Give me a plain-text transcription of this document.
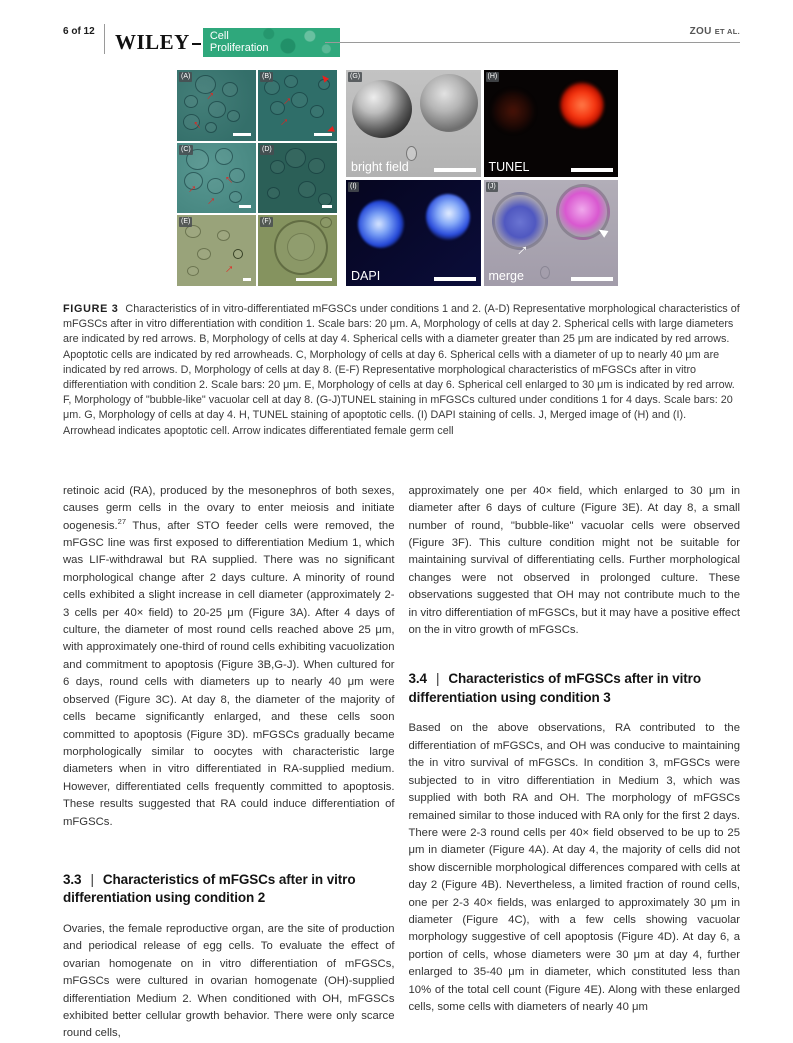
6 of 12 WILEY Cell
Proliferation
ZOU ET AL.
(A)
→
→	(B)
→
→
(C)
→
→
→	(D)
(E)
→	(F)
(G)
bright field
(H)
TUNEL
(I)
DAPI
(J)
→
merge

FIGURE 3 Characteristics of in vitro-differentiated mFGSCs under conditions 1 and 2. (A-D) Representative morphological characteristics of mFGSCs after in vitro differentiation with condition 1. Scale bars: 20 μm. A, Morphology of cells at day 2. Spherical cells with large diameters are indicated by red arrows. B, Morphology of cells at day 4. Spherical cells with a diameter greater than 25 μm are indicated by red arrows. Apoptotic cells are indicated by red arrowheads. C, Morphology of cells at day 6. Spherical cells with a diameter of up to nearly 40 μm are indicated by red arrows. D, Morphology of cells at day 8. (E-F) Representative morphological characteristics of mFGSCs after in vitro differentiation with condition 2. Scale bars: 20 μm. E, Morphology of cells at day 6. Spherical cell enlarged to 30 μm is indicated by red arrow. F, Morphology of "bubble-like" vacuolar cell at day 8. (G-J)TUNEL staining in mFGSCs cultured under conditions 1 for 4 days. Scale bars: 20 μm. G, Morphology of cells at day 4. H, TUNEL staining of apoptotic cells. (I) DAPI staining of cells. J, Merged image of (H) and (I). Arrowhead indicates apoptotic cell. Arrow indicates differentiated female germ cell

retinoic acid (RA), produced by the mesonephros of both sexes, causes germ cells in the ovary to enter meiosis and initiate oogenesis.$^{27}$ Thus, after STO feeder cells were removed, the mFGSC line was first exposed to differentiation Medium 1, which was LIF-withdrawal but RA supplied. There was no significant morphological change after 2 days culture. A minority of round cells exhibited a slight increase in cell diameter (approximately 2-3 cells per 40× field) to 20-25 μm (Figure 3A). After 4 days of culture, the diameter of most round cells reached above 25 μm, with approximately one-third of round cells exhibiting vacuolization and commitment to apoptosis (Figure 3B,G-J). When cultured for 6 days, round cells with diameters up to nearly 40 μm were observed (Figure 3C). At day 8, the diameter of the majority of cells became significantly enlarged, and these cells soon committed to apoptosis (Figure 3D). mFGSCs gradually became morphologically similar to oocytes with characteristic large diameters when in vitro differentiated in RA-supplied medium. However, differentiated cells frequently committed to apoptosis. These results suggested that RA could induce differentiation of mFGSCs.

3.3 | Characteristics of mFGSCs after in vitro differentiation using condition 2

Ovaries, the female reproductive organ, are the site of production and periodical release of egg cells. To evaluate the effect of ovarian homogenate on in vitro differentiation of mFGSCs, mFGSCs were cultured in ovarian homogenate (OH)-supplied differentiation Medium 2. When conditioned with OH, mFGSCs exhibited better cellular growth behavior. There were only scarce round cells,

approximately one per 40× field, which enlarged to 30 μm in diameter after 6 days of culture (Figure 3E). At day 8, a small number of round, "bubble-like" vacuolar cells were observed (Figure 3F). This culture condition might not be suitable for maintaining survival of differentiating cells. Further morphological changes were not observed in prolonged culture. These observations suggested that OH may not contribute much to the in vitro differentiation of mFGSCs, but it may have a positive effect on the in vitro growth of mFGSCs.

3.4 | Characteristics of mFGSCs after in vitro differentiation using condition 3

Based on the above observations, RA contributed to the differentiation of mFGSCs, and OH was conducive to maintaining the in vitro survival of mFGSCs. In condition 3, mFGSCs were subjected to in vitro differentiation in Medium 3, which was supplied with both RA and OH. The morphology of mFGSCs remained similar to those induced with RA only for the first 2 days. There were 2-3 round cells per 40× field observed to be up to 25 μm in diameter (Figure 4A). At day 4, the majority of cells did not show discernible morphological differences compared with cells at day 2 (Figure 4B). Nevertheless, a limited fraction of round cells, one per 2-3 40× fields, was enlarged to approximately 30 μm in diameter (Figure 4C), with a few cells showing vacuolar morphology suggestive of cell apoptosis (Figure 4D). At day 6, a portion of cells, whose diameters were 30 μm at day 4, further enlarged to 35-40 μm in diameter, which constituted less than 10% of the total cell count (Figure 4E). Along with these enlarged cells, some cells with diameters of nearly 40 μm
